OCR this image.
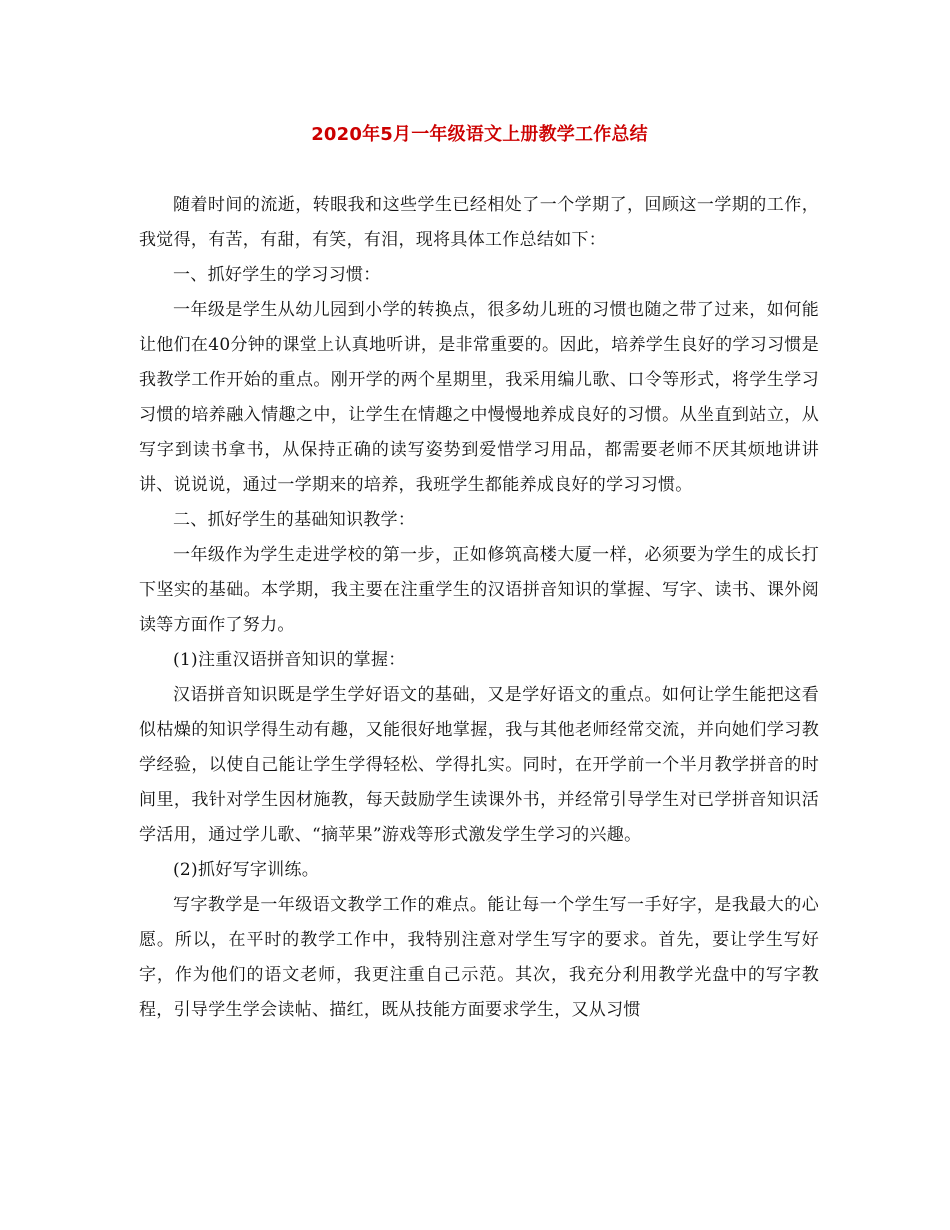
2020年5月一年级语文上册教学工作总结

随着时间的流逝，转眼我和这些学生已经相处了一个学期了，回顾这一学期的工作，我觉得，有苦，有甜，有笑，有泪，现将具体工作总结如下：

一、抓好学生的学习习惯：

一年级是学生从幼儿园到小学的转换点，很多幼儿班的习惯也随之带了过来，如何能让他们在40分钟的课堂上认真地听讲，是非常重要的。因此，培养学生良好的学习习惯是我教学工作开始的重点。刚开学的两个星期里，我采用编儿歌、口令等形式，将学生学习习惯的培养融入情趣之中，让学生在情趣之中慢慢地养成良好的习惯。从坐直到站立，从写字到读书拿书，从保持正确的读写姿势到爱惜学习用品，都需要老师不厌其烦地讲讲讲、说说说，通过一学期来的培养，我班学生都能养成良好的学习习惯。

二、抓好学生的基础知识教学：

一年级作为学生走进学校的第一步，正如修筑高楼大厦一样，必须要为学生的成长打下坚实的基础。本学期，我主要在注重学生的汉语拼音知识的掌握、写字、读书、课外阅读等方面作了努力。

(1)注重汉语拼音知识的掌握：

汉语拼音知识既是学生学好语文的基础，又是学好语文的重点。如何让学生能把这看似枯燥的知识学得生动有趣，又能很好地掌握，我与其他老师经常交流，并向她们学习教学经验，以使自己能让学生学得轻松、学得扎实。同时，在开学前一个半月教学拼音的时间里，我针对学生因材施教，每天鼓励学生读课外书，并经常引导学生对已学拼音知识活学活用，通过学儿歌、“摘苹果”游戏等形式激发学生学习的兴趣。

(2)抓好写字训练。

写字教学是一年级语文教学工作的难点。能让每一个学生写一手好字，是我最大的心愿。所以，在平时的教学工作中，我特别注意对学生写字的要求。首先，要让学生写好字，作为他们的语文老师，我更注重自己示范。其次，我充分利用教学光盘中的写字教程，引导学生学会读帖、描红，既从技能方面要求学生，又从习惯
